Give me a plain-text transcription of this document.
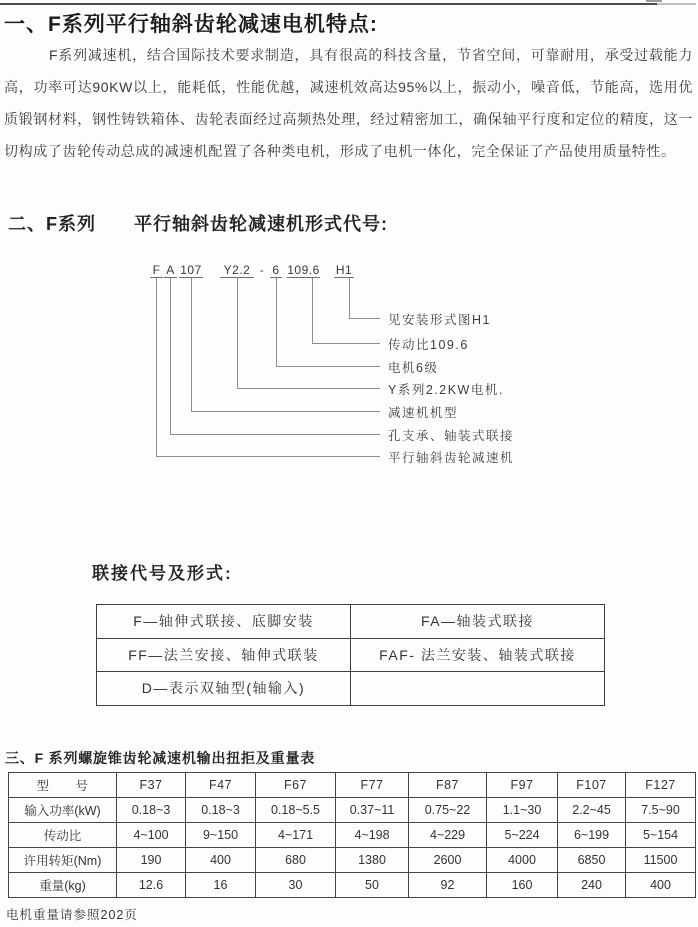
一、F系列平行轴斜齿轮减速电机特点:

F系列减速机，结合国际技术要求制造，具有很高的科技含量，节省空间，可靠耐用，承受过载能力高，功率可达90KW以上，能耗低，性能优越，减速机效高达95%以上，振动小，噪音低，节能高，选用优质锻钢材料，钢性铸铁箱体、齿轮表面经过高频热处理，经过精密加工，确保轴平行度和定位的精度，这一切构成了齿轮传动总成的减速机配置了各种类电机，形成了电机一体化，完全保证了产品使用质量特性。

二、F系列　　平行轴斜齿轮减速机形式代号:
F
平行轴斜齿轮减速机
A
孔支承、轴装式联接
107
减速机机型
Y2.2
Y系列2.2KW电机.
- 6
电机6级
109.6
传动比109.6
H1
见安装形式图H1
联接代号及形式:
F—轴伸式联接、底脚安装	FA—轴装式联接
FF—法兰安接、轴伸式联装	FAF- 法兰安装、轴装式联接
D—表示双轴型(轴输入)	
三、F 系列螺旋锥齿轮减速机输出扭拒及重量表
型　　号	F37	F47	F67	F77	F87	F97	F107	F127
输入功率(kW)	0.18~3	0.18~3	0.18~5.5	0.37~11	0.75~22	1.1~30	2.2~45	7.5~90
传动比	4~100	9~150	4~171	4~198	4~229	5~224	6~199	5~154
许用转矩(Nm)	190	400	680	1380	2600	4000	6850	11500
重量(kg)	12.6	16	30	50	92	160	240	400
电机重量请参照202页
